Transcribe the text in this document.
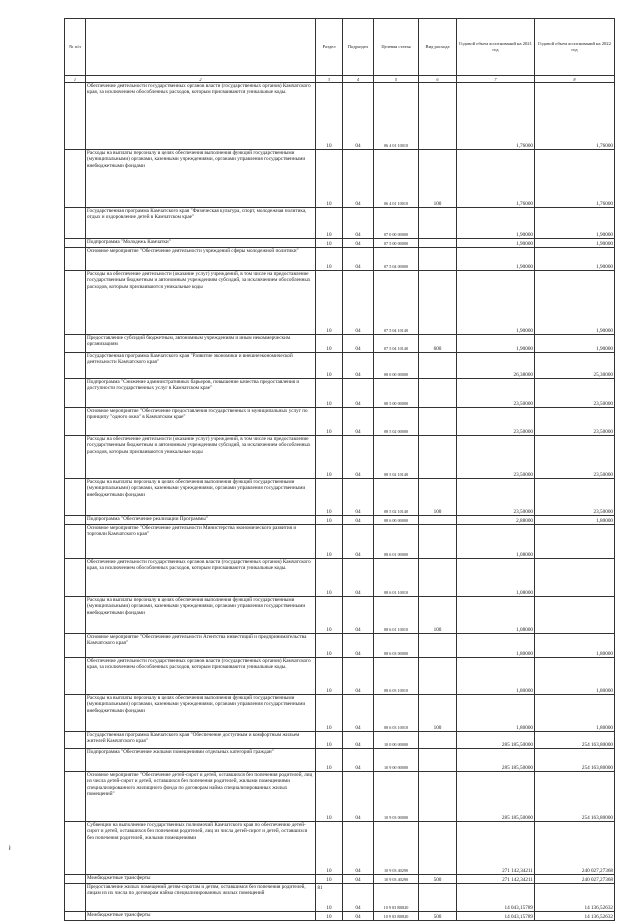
№ п/п		Раздел	Подраздел	Целевая статья	Вид расхода	Годовой объем ассигнований на 2021 год	Годовой объем ассигнований на 2022 год
1	2	3	4	5	6	7	8
	Обеспечение деятельности государственных органов власти (государственных органов) Камчатского края, за исключением обособленных расходов, которым присваиваются уникальные коды.	10	04	06 4 01 10010		1,76000	1,76000
	Расходы на выплаты персоналу в целях обеспечения выполнения функций государственными (муниципальными) органами, казенными учреждениями, органами управления государственными внебюджетными фондами	10	04	06 4 01 10010	100	1,76000	1,76000
	Государственная программа Камчатского края "Физическая культура, спорт, молодежная политика, отдых и оздоровление детей в Камчатском крае"	10	04	07 0 00 00000		1,90000	1,90000
	Подпрограмма "Молодежь Камчатки"	10	04	07 5 00 00000		1,90000	1,90000
	Основное мероприятие "Обеспечение деятельности учреждений сферы молодежной политики"	10	04	07 5 04 00000		1,90000	1,90000
	Расходы на обеспечение деятельности (оказание услуг) учреждений, в том числе на предоставление государственным бюджетным и автономным учреждениям субсидий, за исключением обособленных расходов, которым присваиваются уникальные коды	10	04	07 5 04 10140		1,90000	1,90000
	Предоставление субсидий бюджетным, автономным учреждениям и иным некоммерческим организациям	10	04	07 5 04 10140	600	1,90000	1,90000
	Государственная программа Камчатского края "Развитие экономики и внешнеэкономической деятельности Камчатского края"	10	04	08 0 00 00000		26,38000	25,30000
	Подпрограмма "Снижение административных барьеров, повышение качества предоставления и доступности государственных услуг в Камчатском крае"	10	04	08 5 00 00000		23,50000	23,50000
	Основное мероприятие "Обеспечение предоставления государственных и муниципальных услуг по принципу "одного окна" в Камчатском крае"	10	04	08 5 02 00000		23,50000	23,50000
	Расходы на обеспечение деятельности (оказание услуг) учреждений, в том числе на предоставление государственным бюджетным и автономным учреждениям субсидий, за исключением обособленных расходов, которым присваиваются уникальные коды	10	04	08 5 02 10140		23,50000	23,50000
	Расходы на выплаты персоналу в целях обеспечения выполнения функций государственными (муниципальными) органами, казенными учреждениями, органами управления государственными внебюджетными фондами	10	04	08 5 02 10140	100	23,50000	23,50000
	Подпрограмма "Обеспечение реализации Программы"	10	04	08 6 00 00000		2,88000	1,80000
	Основное мероприятие "Обеспечение деятельности Министерства экономического развития и торговли Камчатского края"	10	04	08 6 01 00000		1,08000	
	Обеспечение деятельности государственных органов власти (государственных органов) Камчатского края, за исключением обособленных расходов, которым присваиваются уникальные коды.	10	04	08 6 01 10010		1,08000	
	Расходы на выплаты персоналу в целях обеспечения выполнения функций государственными (муниципальными) органами, казенными учреждениями, органами управления государственными внебюджетными фондами	10	04	08 6 01 10010	100	1,08000	
	Основное мероприятие "Обеспечение деятельности Агентства инвестиций и предпринимательства Камчатского края"	10	04	08 6 03 00000		1,80000	1,80000
	Обеспечение деятельности государственных органов власти (государственных органов) Камчатского края, за исключением обособленных расходов, которым присваиваются уникальные коды.	10	04	08 6 03 10010		1,80000	1,80000
	Расходы на выплаты персоналу в целях обеспечения выполнения функций государственными (муниципальными) органами, казенными учреждениями, органами управления государственными внебюджетными фондами	10	04	08 6 03 10010	100	1,80000	1,80000
	Государственная программа Камчатского края "Обеспечение доступным и комфортным жильем жителей Камчатского края"	10	04	10 0 00 00000		285 185,50000	254 163,80000
	Подпрограмма "Обеспечение жилыми помещениями отдельных категорий граждан"	10	04	10 9 00 00000		285 185,50000	254 163,80000
	Основное мероприятие "Обеспечение детей-сирот и детей, оставшихся без попечения родителей, лиц из числа детей-сирот и детей, оставшихся без попечения родителей, жилыми помещениями специализированного жилищного фонда по договорам найма специализированных жилых помещений"	10	04	10 9 03 00000		285 185,50000	254 163,80000
	Субвенции на выполнение государственных полномочий Камчатского края по обеспечению детей-сирот и детей, оставшихся без попечения родителей, лиц из числа детей-сирот и детей, оставшихся без попечения родителей, жилыми помещениями	10	04	10 9 03 40290		271 142,34211	240 027,27368
	Межбюджетные трансферты	10	04	10 9 03 40290	500	271 142,34211	240 027,27368
	Предоставление жилых помещений детям-сиротам и детям, оставшимся без попечения родителей, лицам из их числа по договорам найма специализированных жилых помещений	10	04	10 9 03 R0820		14 043,15789	14 136,52632
	Межбюджетные трансферты	10	04	10 9 03 R0820	500	14 043,15789	14 136,52632
ł
81
